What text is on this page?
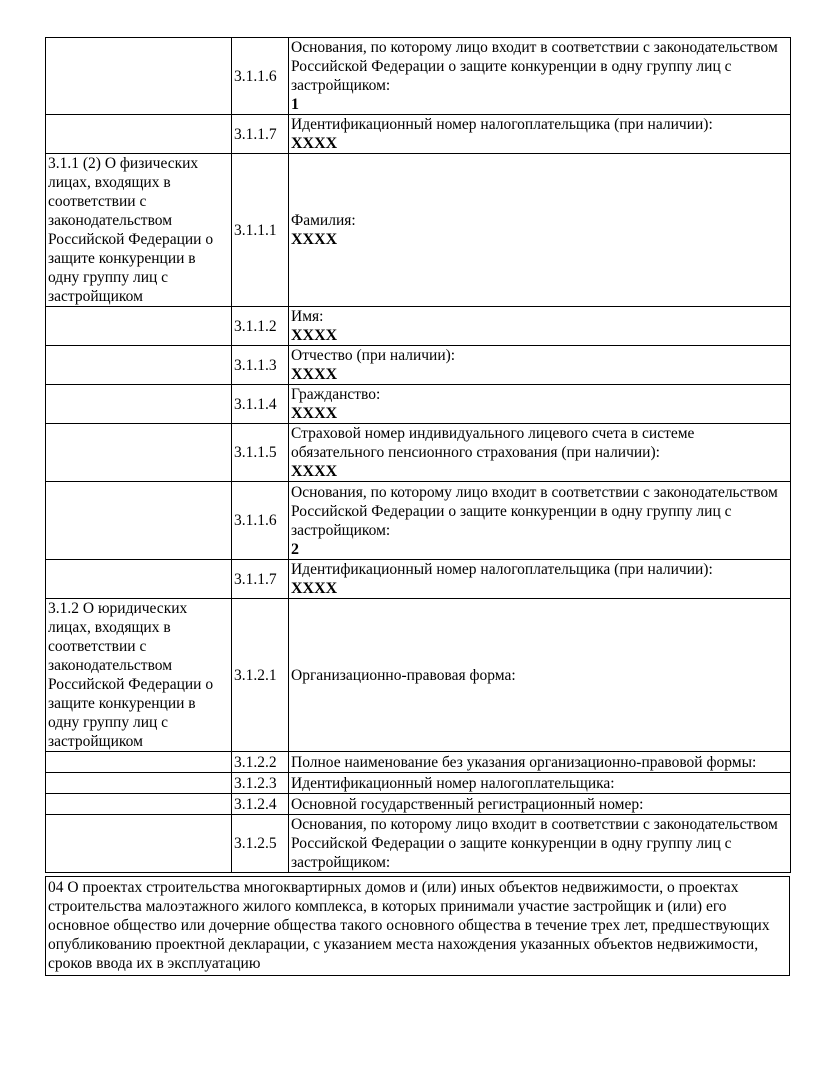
	3.1.1.6	Основания, по которому лицо входит в соответствии с законодательством Российской Федерации о защите конкуренции в одну группу лиц с застройщиком:
1

	3.1.1.7	Идентификационный номер налогоплательщика (при наличии):
XXXX

3.1.1 (2) О физических лицах, входящих в соответствии с законодательством Российской Федерации о защите конкуренции в одну группу лиц с застройщиком	3.1.1.1	Фамилия:
XXXX

	3.1.1.2	Имя:
XXXX

	3.1.1.3	Отчество (при наличии):
XXXX

	3.1.1.4	Гражданство:
XXXX

	3.1.1.5	Страховой номер индивидуального лицевого счета в системе обязательного пенсионного страхования (при наличии):
XXXX

	3.1.1.6	Основания, по которому лицо входит в соответствии с законодательством Российской Федерации о защите конкуренции в одну группу лиц с застройщиком:
2

	3.1.1.7	Идентификационный номер налогоплательщика (при наличии):
XXXX

3.1.2 О юридических лицах, входящих в соответствии с законодательством Российской Федерации о защите конкуренции в одну группу лиц с застройщиком	3.1.2.1	Организационно-правовая форма:

	3.1.2.2	Полное наименование без указания организационно-правовой формы:

	3.1.2.3	Идентификационный номер налогоплательщика:

	3.1.2.4	Основной государственный регистрационный номер:

	3.1.2.5	Основания, по которому лицо входит в соответствии с законодательством Российской Федерации о защите конкуренции в одну группу лиц с застройщиком:
04 О проектах строительства многоквартирных домов и (или) иных объектов недвижимости, о проектах строительства малоэтажного жилого комплекса, в которых принимали участие застройщик и (или) его основное общество или дочерние общества такого основного общества в течение трех лет, предшествующих опубликованию проектной декларации, с указанием места нахождения указанных объектов недвижимости, сроков ввода их в эксплуатацию
